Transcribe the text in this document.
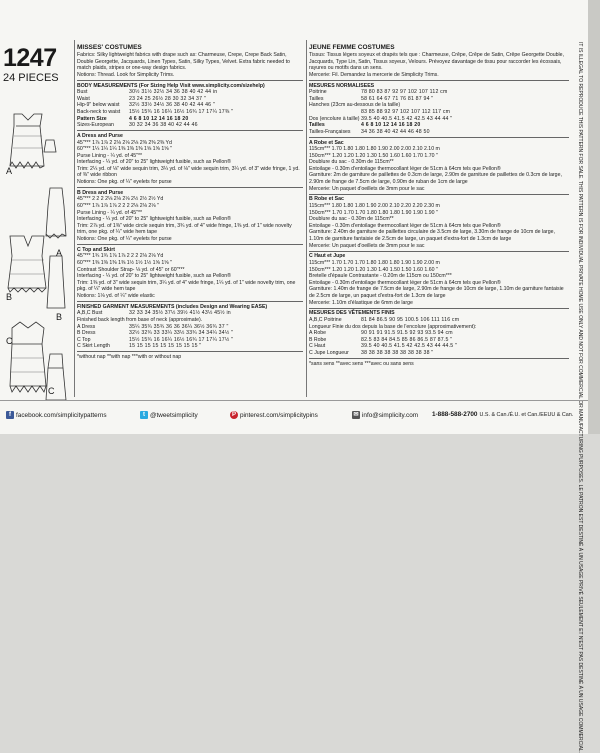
1247
24 PIECES
A
A
B
B
C
C
MISSES' COSTUMES
Fabrics: Silky lightweight fabrics with drape such as: Charmeuse, Crepe, Crepe Back Satin, Double Georgette, Jacquards, Linen Types, Satin, Silky Types, Velvet. Extra fabric needed to match plaids, stripes or one-way design fabrics.
Notions: Thread. Look for Simplicity Trims.
BODY MEASUREMENTS (For Sizing Help Visit www.simplicity.com/sizehelp)
Bust	30½ 31½ 32½ 34 36 38 40 42 44 in
Waist	23 24 25 26½ 28 30 32 34 37 "
Hip-9" below waist	32½ 33½ 34½ 36 38 40 42 44 46 "
Back-neck to waist	15½ 15¾ 16 16¼ 16½ 16¾ 17 17¼ 17⅜ "
Pattern Size	4 6 8 10 12 14 16 18 20
Sizes-European	30 32 34 36 38 40 42 44 46
A Dress and Purse
45"*** 1⅞ 1⅞ 2 2⅛ 2⅛ 2⅛ 2⅜ 2⅜ 2⅜ Yd
60"*** 1¼ 1¼ 1¼ 1⅜ 1⅜ 1⅜ 1⅝ 1⅝ 1⅝ "
Purse Lining - ¼ yd. of 45"**
Interfacing - ¼ yd. of 20" to 25" lightweight fusible, such as Pellon®
Trim: 2¼ yd. of ⅛" wide sequin trim, 3¼ yd. of ⅛" wide sequin trim, 3¼ yd. of 3" wide fringe, 1 yd. of ⅜" wide ribbon
Notions: One pkg. of ¼" eyelets for purse
B Dress and Purse
45"*** 2 2 2 2⅛ 2⅛ 2⅛ 2½ 2½ 2½ Yd
60"*** 1⅞ 1⅞ 1⅞ 2 2 2 2⅛ 2⅛ 2⅛ "
Purse Lining - ¼ yd. of 45"**
Interfacing - ¼ yd. of 20" to 25" lightweight fusible, such as Pellon®
Trim: 2⅞ yd. of 1⅜" wide circle sequin trim, 3¾ yd. of 4" wide fringe, 1⅜ yd. of 1" wide novelty trim, one pkg. of ¼" wide hem tape
Notions: One pkg. of ¼" eyelets for purse
C Top and Skirt
45"*** 1¾ 1¾ 1⅞ 1⅞ 2 2 2 2⅛ 2⅛ Yd
60"*** 1⅜ 1⅜ 1⅜ 1⅜ 1½ 1½ 1½ 1⅝ 1⅝ "
Contrast Shoulder Strap- ⅛ yd. of 45" or 60"***
Interfacing - ¼ yd. of 20" to 25" lightweight fusible, such as Pellon®
Trim: 1⅜ yd. of 3" wide sequin trim, 3¼ yd. of 4" wide fringe, 1¼ yd. of 1" wide novelty trim, one pkg. of ¼" wide hem tape
Notions: 1⅛ yd. of ¼" wide elastic
FINISHED GARMENT MEASUREMENTS (includes Design and Wearing EASE)
A,B,C Bust	32 33 34 35½ 37½ 39½ 41½ 43½ 45½ in
Finished back length from base of neck (approximate).
A Dress	35¼ 35¾ 35¾ 36 36 36¼ 36½ 36¾ 37 "
B Dress	32½ 32¾ 33 33¼ 33½ 33¾ 34 34¼ 34½ "
C Top	15½ 15¾ 16 16¼ 16½ 16¾ 17 17¼ 17½ "
C Skirt Length	15 15 15 15 15 15 15 15 15 "
*without nap **with nap ***with or without nap
JEUNE FEMME COSTUMES
Tissus: Tissus légers soyeux et drapés tels que : Charmeuse, Crêpe, Crêpe de Satin, Crêpe Georgette Double, Jacquards, Type Lin, Satin, Tissus soyeux, Velours. Prévoyez davantage de tissu pour raccorder les écossais, rayures ou motifs dans un sens.
Mercerie: Fil. Demandez la mercerie de Simplicity Trims.
MESURES NORMALISEES
Poitrine	78 80 83 87 92 97 102 107 112 cm
Tailles	58 61 64 67 71 76 81 87 94 "
Hanches (23cm au-dessous de la taille)
83 85 88 92 97 102 107 112 117 cm
Dos (encolure à taille) 39.5 40 40.5 41.5 42 42.5 43 44 44 "
Tailles	4 6 8 10 12 14 16 18 20
Tailles-Françaises	34 36 38 40 42 44 46 48 50
A Robe et Sac
115cm*** 1.70 1.80 1.80 1.80 1.90 2.00 2.00 2.10 2.10 m
150cm*** 1.20 1.20 1.20 1.30 1.50 1.60 1.60 1.70 1.70 "
Doublure du sac - 0.30m de 115cm**
Entoilage - 0.30m d'entoilage thermocollant léger de 51cm à 64cm tels que Pellon®
Garniture: 2m de garniture de paillettes de 0.3cm de large, 2.90m de garniture de paillettes de 0.3cm de large, 2.90m de frange de 7.5cm de large, 0.90m de ruban de 1cm de large
Mercerie: Un paquet d'oeillets de 3mm pour le sac
B Robe et Sac
115cm*** 1.80 1.80 1.80 1.90 2.00 2.10 2.20 2.20 2.30 m
150cm*** 1.70 1.70 1.70 1.80 1.80 1.80 1.90 1.90 1.90 "
Doublure du sac - 0.30m de 115cm**
Entoilage - 0.30m d'entoilage thermocollant léger de 51cm à 64cm tels que Pellon®
Garniture: 2.40m de garniture de paillettes circulaire de 3.5cm de large, 3.30m de frange de 10cm de large, 1.10m de garniture fantaisie de 2.5cm de large, un paquet d'extra-fort de 1.3cm de large
Mercerie: Un paquet d'oeillets de 3mm pour le sac
C Haut et Jupe
115cm*** 1.70 1.70 1.70 1.80 1.80 1.80 1.90 1.90 2.00 m
150cm*** 1.20 1.20 1.20 1.30 1.40 1.50 1.50 1.60 1.60 "
Bretelle d'épaule Contrastante - 0.20m de 115cm ou 150cm***
Entoilage - 0.30m d'entoilage thermocollant léger de 51cm à 64cm tels que Pellon®
Garniture: 1.40m de frange de 7.5cm de large, 2.90m de frange de 10cm de large, 1.10m de garniture fantaisie de 2.5cm de large, un paquet d'extra-fort de 1.3cm de large
Mercerie: 1.10m d'élastique de 6mm de large
MESURES DES VÊTEMENTS FINIS
A,B,C Poitrine	81 84 86.5 90 95 100.5 106 111 116 cm
Longueur Finie du dos depuis la base de l'encolure (approximativement):
A Robe	90 91 91 91.5 91.5 92 93 93.5 94 cm
B Robe	82.5 83 84 84.5 85 86 86.5 87 87.5 "
C Haut	39.5 40 40.5 41.5 42 42.5 43 44 44.5 "
C Jupe Longueur	38 38 38 38 38 38 38 38 38 "
*sans sens **avec sens ***avec ou sans sens	IT IS ILLEGAL TO REPRODUCE THIS PATTERN FOR SALE. THIS PATTERN IS FOR INDIVIDUAL PRIVATE HOME USE ONLY AND NOT FOR COMMERCIAL OR MANUFACTURING PURPOSES. LE PATRON EST DESTINÉ À UN USAGE PRIVÉ SEULEMENT ET N'EST PAS DESTINÉ À UN USAGE COMMERCIAL.
f facebook.com/simplicitypatterns	t @tweetsimplicity	P pinterest.com/simplicitypins	✉ info@simplicity.com 1-888-588-2700 U.S. & Can./É.U. et Can./EEUU & Can.
